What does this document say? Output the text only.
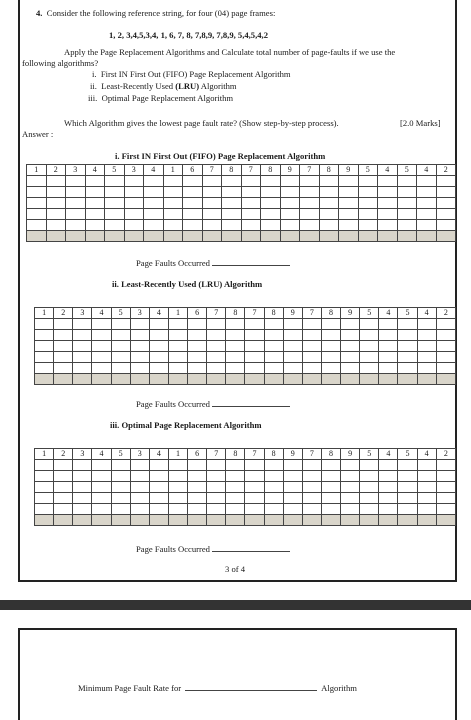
4. Consider the following reference string, for four (04) page frames:
1, 2, 3,4,5,3,4, 1, 6, 7, 8, 7,8,9, 7,8,9, 5,4,5,4,2
Apply the Page Replacement Algorithms and Calculate total number of page-faults if we use the
following algorithms?
i. First IN First Out (FIFO) Page Replacement Algorithm
ii. Least-Recently Used (LRU) Algorithm
iii. Optimal Page Replacement Algorithm
Which Algorithm gives the lowest page fault rate? (Show step-by-step process).	[2.0 Marks]
Answer :
i. First IN First Out (FIFO) Page Replacement Algorithm
1	2	3	4	5	3	4	1	6	7	8	7	8	9	7	8	9	5	4	5	4	2

Page Faults Occurred
ii. Least-Recently Used (LRU) Algorithm
1	2	3	4	5	3	4	1	6	7	8	7	8	9	7	8	9	5	4	5	4	2

Page Faults Occurred
iii. Optimal Page Replacement Algorithm
1	2	3	4	5	3	4	1	6	7	8	7	8	9	7	8	9	5	4	5	4	2

Page Faults Occurred
3 of 4
Minimum Page Fault Rate for	Algorithm
